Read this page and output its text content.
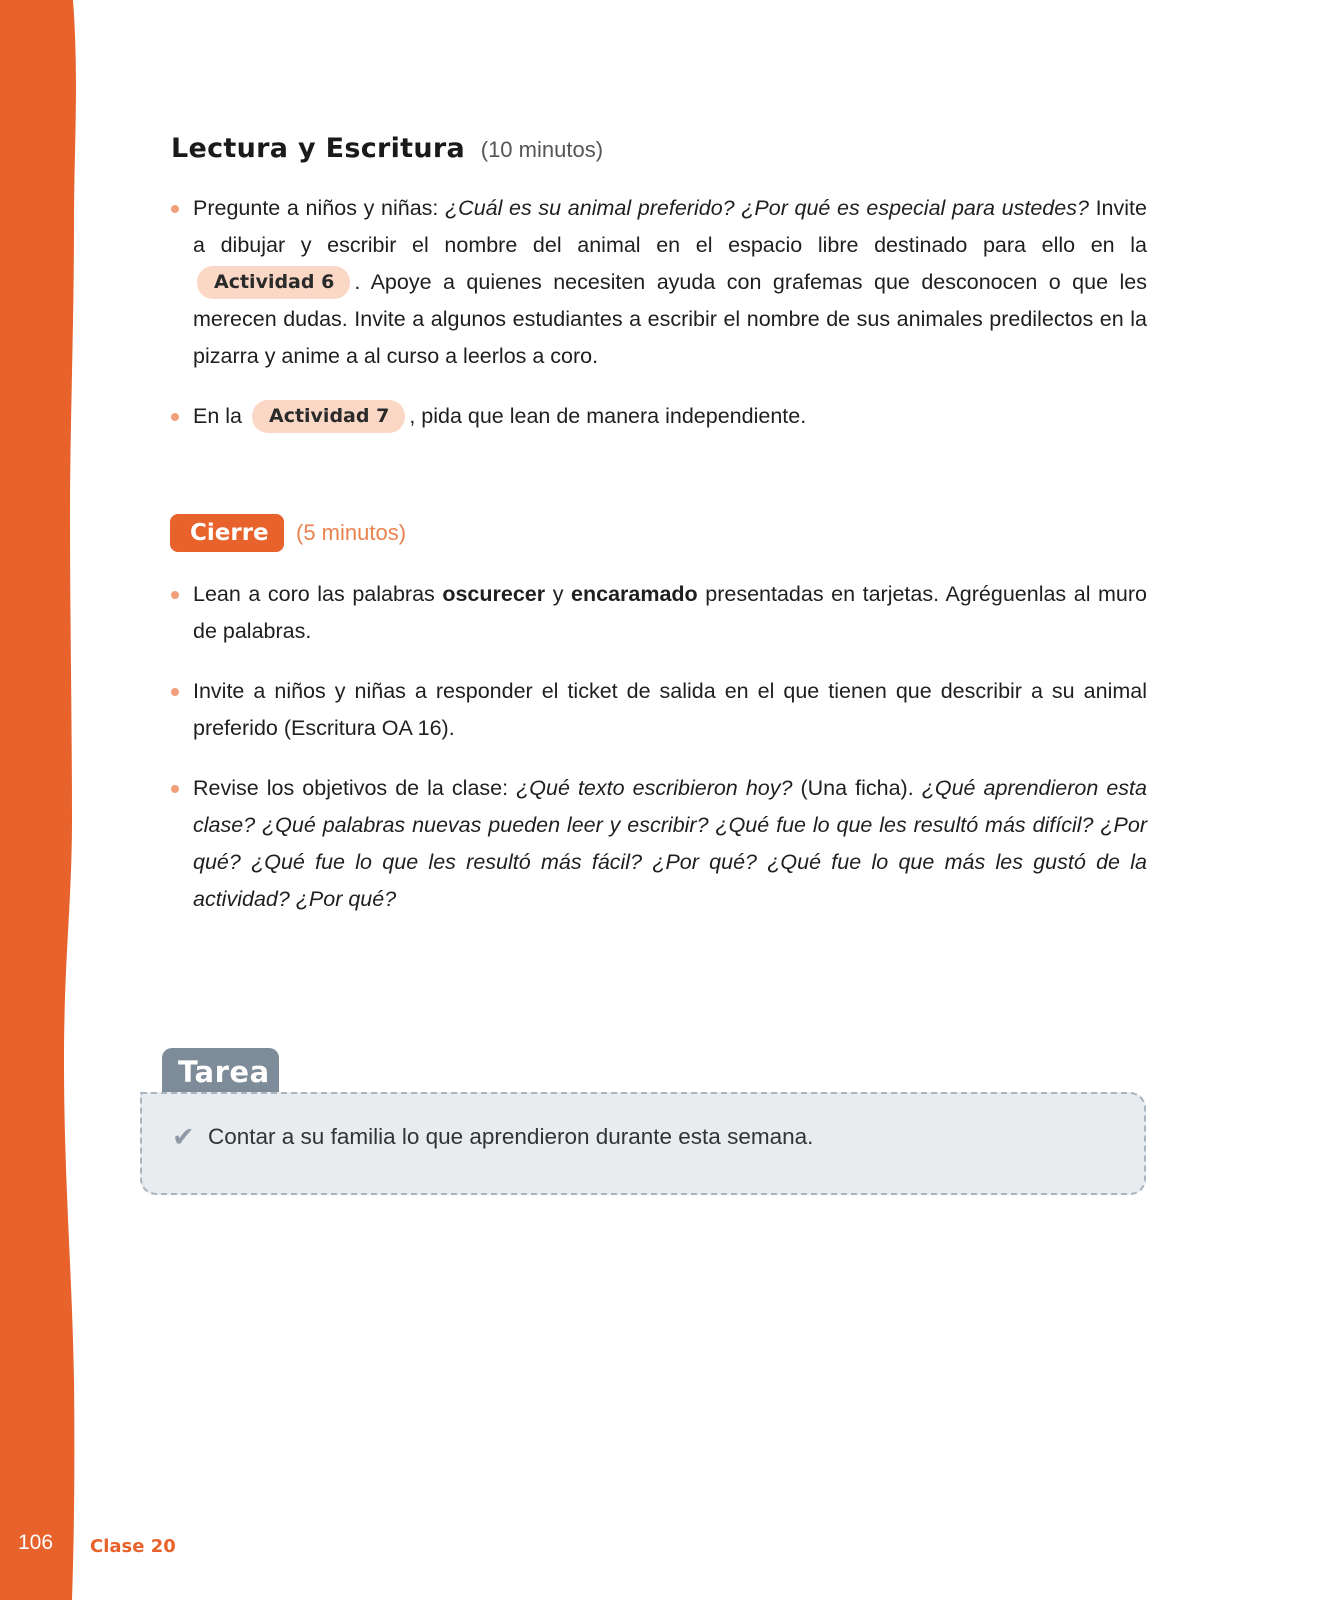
106 Clase 20
Lectura y Escritura (10 minutos)
Pregunte a niños y niñas: ¿Cuál es su animal preferido? ¿Por qué es especial para ustedes? Invite a dibujar y escribir el nombre del animal en el espacio libre destinado para ello en la Actividad 6 . Apoye a quienes necesiten ayuda con grafemas que desconocen o que les merecen dudas. Invite a algunos estudiantes a escribir el nombre de sus animales predilectos en la pizarra y anime a al curso a leerlos a coro.
En la Actividad 7 , pida que lean de manera independiente.
Cierre	(5 minutos)
Lean a coro las palabras oscurecer y encaramado presentadas en tarjetas. Agréguenlas al muro de palabras.
Invite a niños y niñas a responder el ticket de salida en el que tienen que describir a su animal preferido (Escritura OA 16).
Revise los objetivos de la clase: ¿Qué texto escribieron hoy? (Una ficha). ¿Qué aprendieron esta clase? ¿Qué palabras nuevas pueden leer y escribir? ¿Qué fue lo que les resultó más difícil? ¿Por qué? ¿Qué fue lo que les resultó más fácil? ¿Por qué? ¿Qué fue lo que más les gustó de la actividad? ¿Por qué?
Tarea
✔ Contar a su familia lo que aprendieron durante esta semana.
